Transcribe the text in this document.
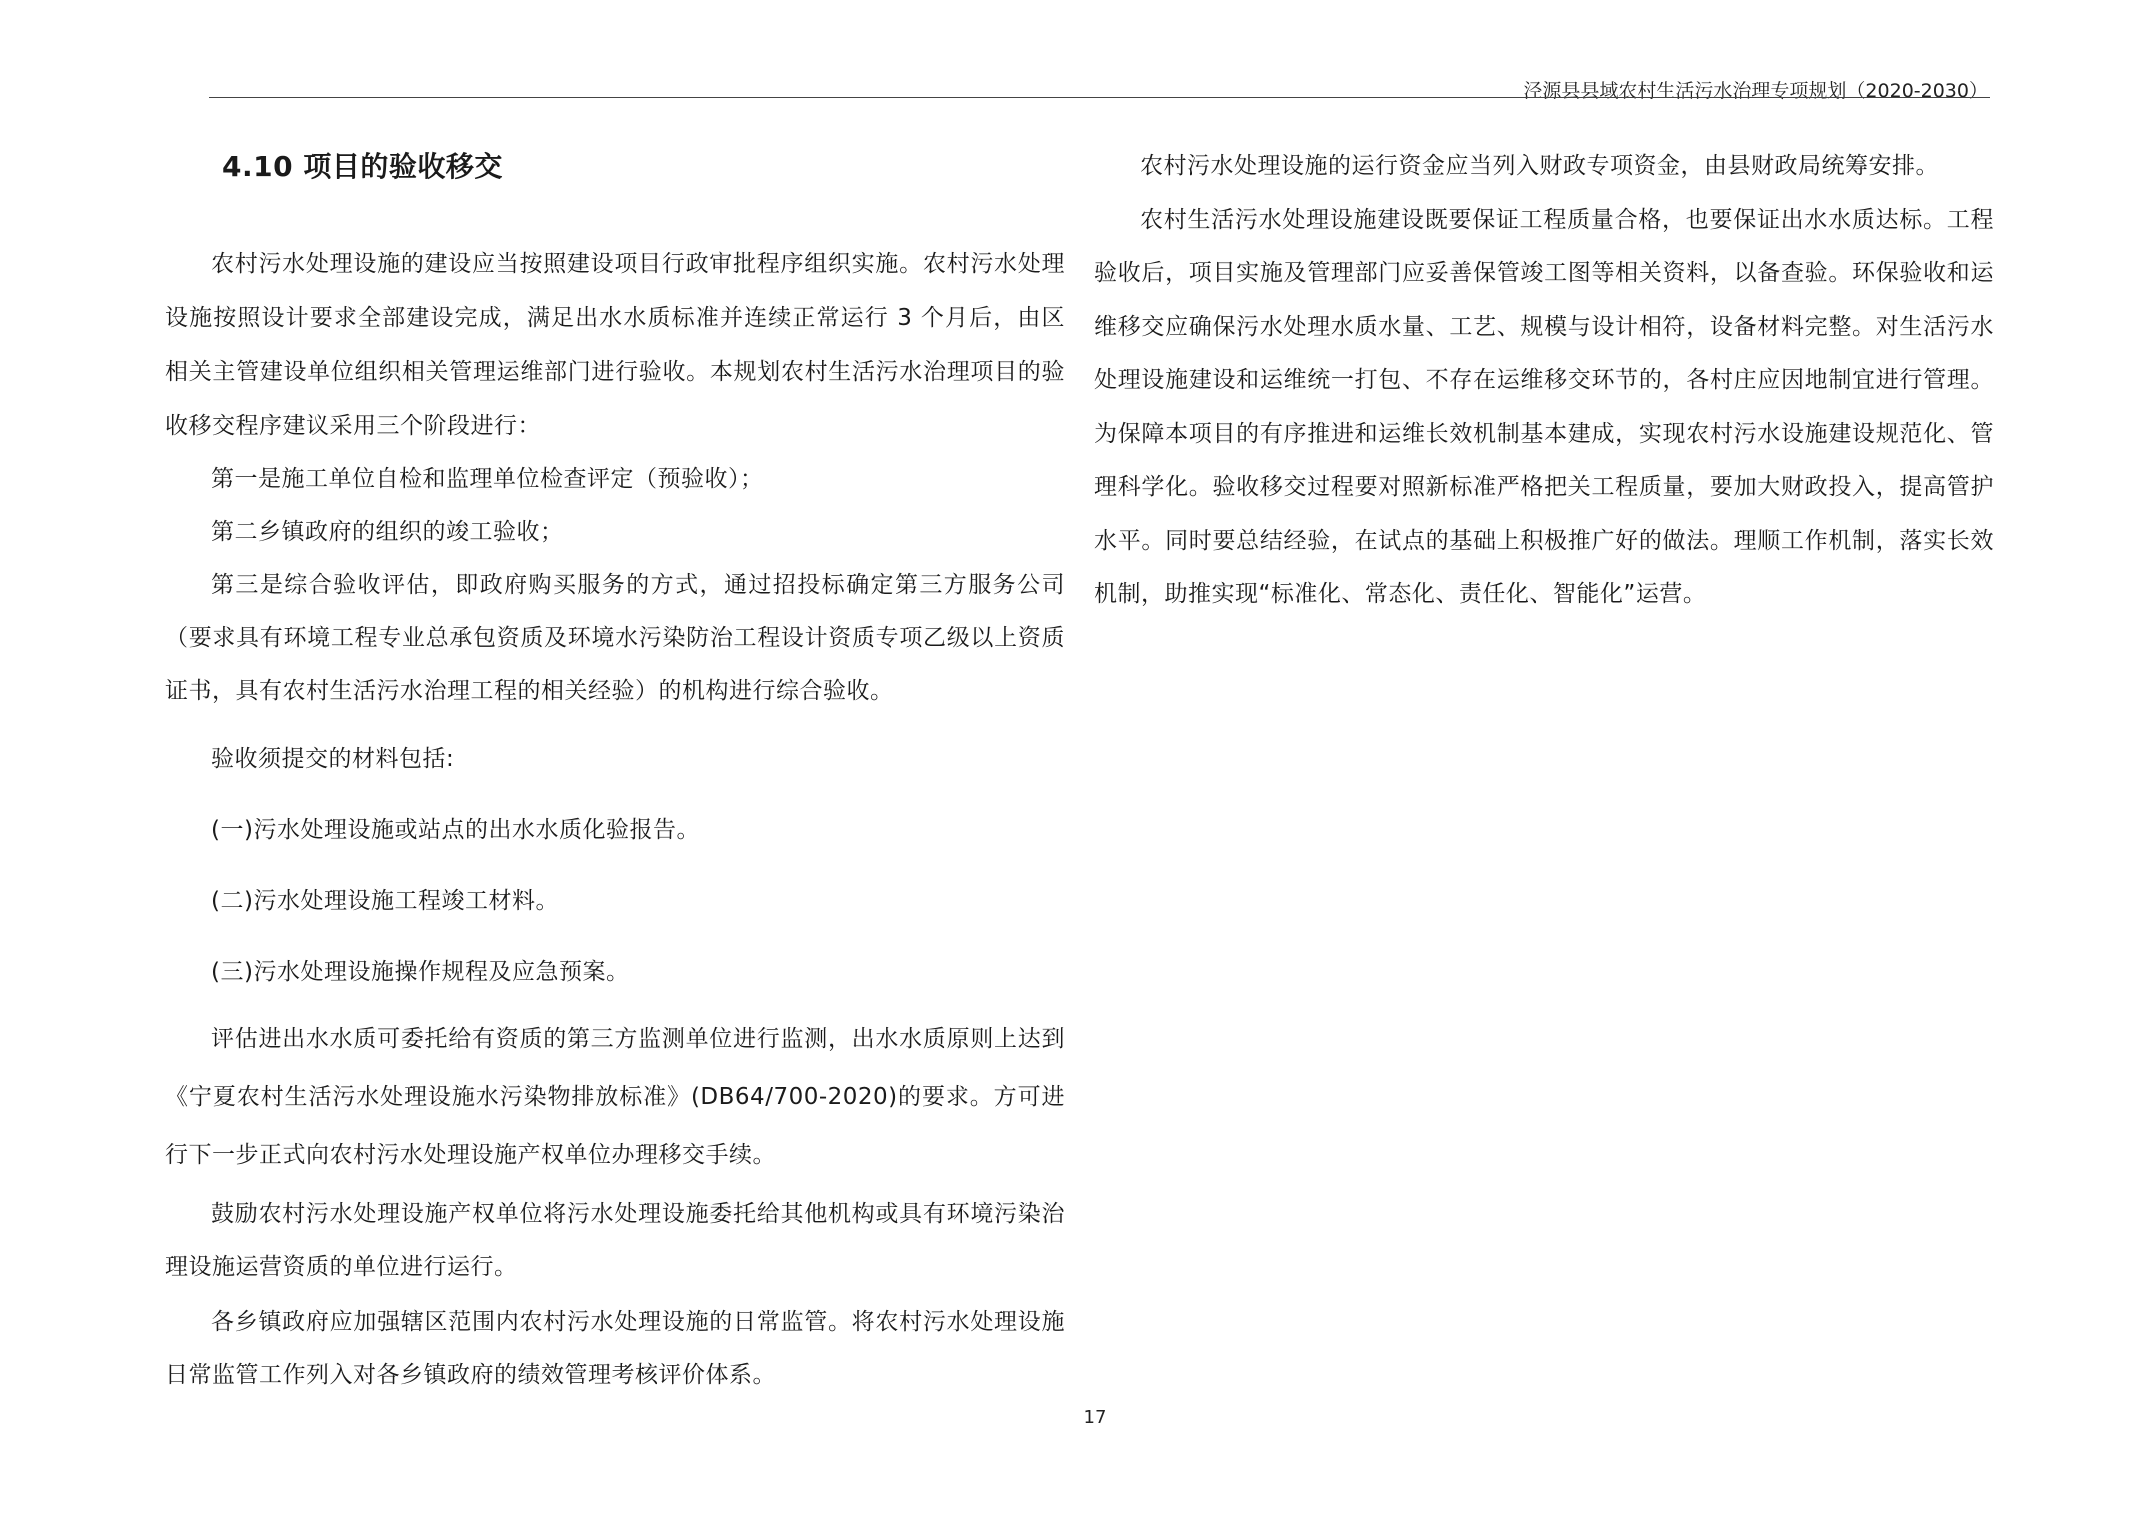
泾源县县域农村生活污水治理专项规划（2020-2030）
4.10 项目的验收移交

农村污水处理设施的建设应当按照建设项目行政审批程序组织实施。农村污水处理设施按照设计要求全部建设完成，满足出水水质标准并连续正常运行 3 个月后，由区相关主管建设单位组织相关管理运维部门进行验收。本规划农村生活污水治理项目的验收移交程序建议采用三个阶段进行：

第一是施工单位自检和监理单位检查评定（预验收）；

第二乡镇政府的组织的竣工验收；

第三是综合验收评估，即政府购买服务的方式，通过招投标确定第三方服务公司（要求具有环境工程专业总承包资质及环境水污染防治工程设计资质专项乙级以上资质证书，具有农村生活污水治理工程的相关经验）的机构进行综合验收。

验收须提交的材料包括:

(一)污水处理设施或站点的出水水质化验报告。

(二)污水处理设施工程竣工材料。

(三)污水处理设施操作规程及应急预案。

评估进出水水质可委托给有资质的第三方监测单位进行监测，出水水质原则上达到《宁夏农村生活污水处理设施水污染物排放标准》(DB64/700-2020)的要求。方可进行下一步正式向农村污水处理设施产权单位办理移交手续。

鼓励农村污水处理设施产权单位将污水处理设施委托给其他机构或具有环境污染治理设施运营资质的单位进行运行。

各乡镇政府应加强辖区范围内农村污水处理设施的日常监管。将农村污水处理设施日常监管工作列入对各乡镇政府的绩效管理考核评价体系。

农村污水处理设施的运行资金应当列入财政专项资金，由县财政局统筹安排。

农村生活污水处理设施建设既要保证工程质量合格，也要保证出水水质达标。工程验收后，项目实施及管理部门应妥善保管竣工图等相关资料，以备查验。环保验收和运维移交应确保污水处理水质水量、工艺、规模与设计相符，设备材料完整。对生活污水处理设施建设和运维统一打包、不存在运维移交环节的，各村庄应因地制宜进行管理。为保障本项目的有序推进和运维长效机制基本建成，实现农村污水设施建设规范化、管理科学化。验收移交过程要对照新标准严格把关工程质量，要加大财政投入，提高管护水平。同时要总结经验，在试点的基础上积极推广好的做法。理顺工作机制，落实长效机制，助推实现“标准化、常态化、责任化、智能化”运营。

17
